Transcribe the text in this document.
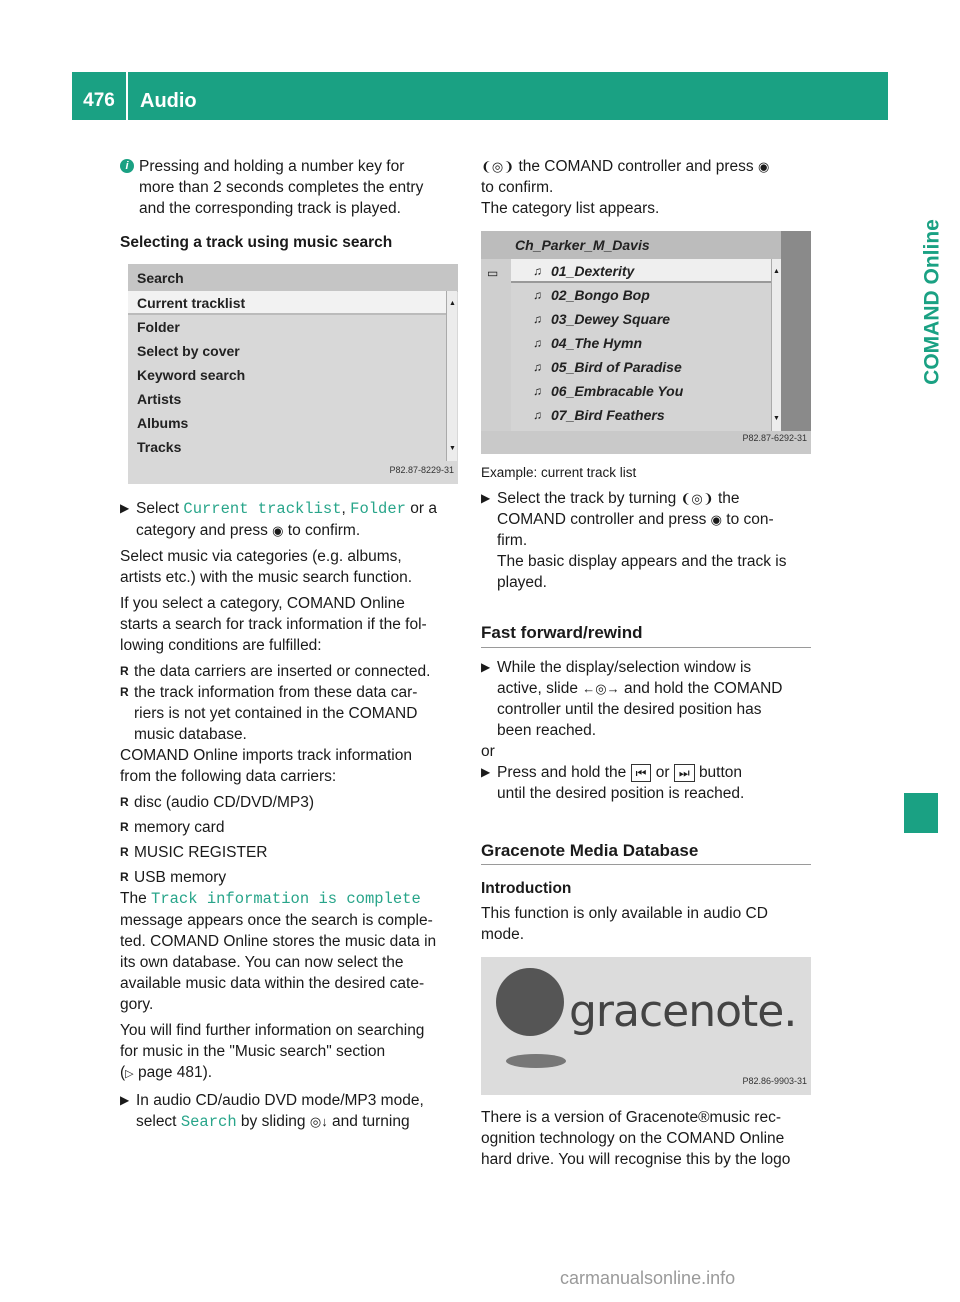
476	Audio
COMAND Online

i Pressing and holding a number key for

more than 2 seconds completes the entry

and the corresponding track is played.

Selecting a track using music search
Search
Current tracklist
Folder
Select by cover
Keyword search
Artists
Albums
Tracks
▲
▼
P82.87-8229-31

▶ Select Current tracklist, Folder or a

category and press ◉ to confirm.

Select music via categories (e.g. albums,

artists etc.) with the music search function.

If you select a category, COMAND Online

starts a search for track information if the fol-

lowing conditions are fulfilled:

R the data carriers are inserted or connected.

R the track information from these data car-

riers is not yet contained in the COMAND

music database.

COMAND Online imports track information

from the following data carriers:

R disc (audio CD/DVD/MP3)

R memory card

R MUSIC REGISTER

R USB memory

The Track information is complete

message appears once the search is comple-

ted. COMAND Online stores the music data in

its own database. You can now select the

available music data within the desired cate-

gory.

You will find further information on searching

for music in the "Music search" section

(▷ page 481).

▶ In audio CD/audio DVD mode/MP3 mode,

select Search by sliding ◎↓ and turning

❨◎❩ the COMAND controller and press ◉

to confirm.

The category list appears.

Ch_Parker_M_Davis
▭	♫ 01_Dexterity
♫ 02_Bongo Bop
♫ 03_Dewey Square
♫ 04_The Hymn
♫ 05_Bird of Paradise
♫ 06_Embracable You
♫ 07_Bird Feathers
▲
▼
P82.87-6292-31

Example: current track list

▶ Select the track by turning ❨◎❩ the

COMAND controller and press ◉ to con-

firm.

The basic display appears and the track is

played.

Fast forward/rewind

▶ While the display/selection window is

active, slide ←◎→ and hold the COMAND

controller until the desired position has

been reached.

or

▶ Press and hold the ⏮ or ⏭ button

until the desired position is reached.

Gracenote Media Database

Introduction

This function is only available in audio CD

mode.

gracenote.
P82.86-9903-31

There is a version of Gracenote®music rec-

ognition technology on the COMAND Online

hard drive. You will recognise this by the logo

carmanualsonline.info
